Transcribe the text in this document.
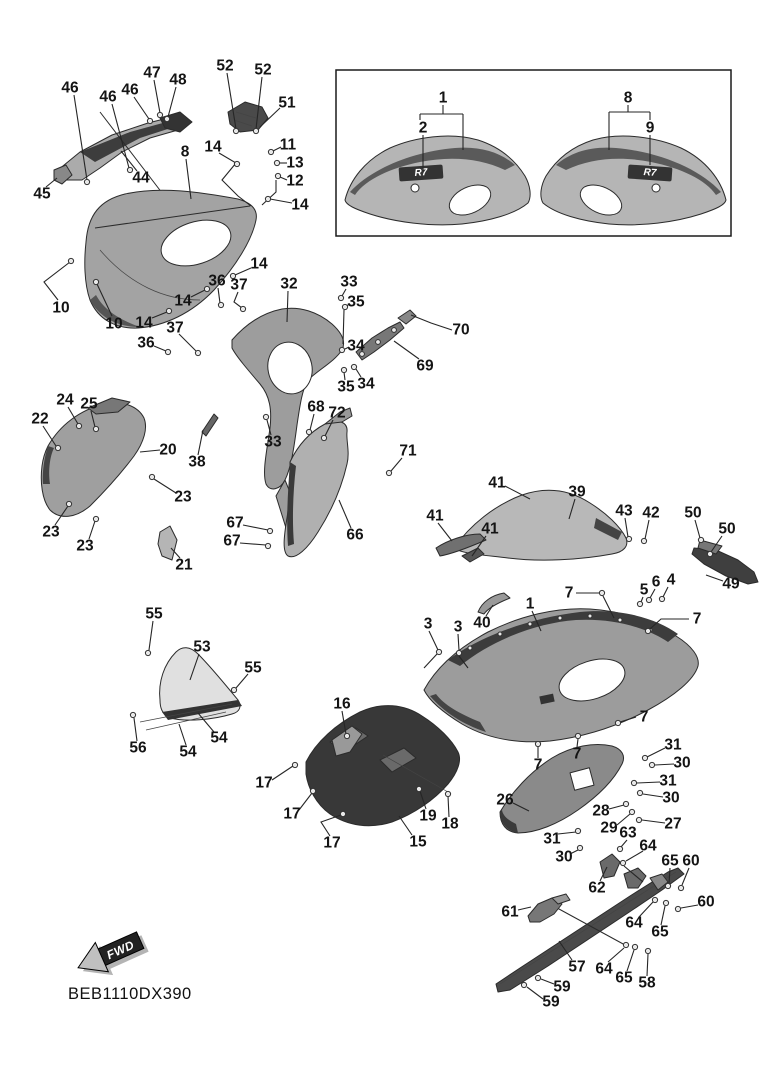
R7	R7
1
2
8
9
FWD
BEB1110DX390
46
46 46
47 48
52 52
51
45
44
8 14	11
13
12
14
10
10 14
14
14
36 37
37
36
32	33
35
34
70
69
35 34
33
68 72
71
66
67
67
24 25
22
20
38
23
23
23
21
55
53
55
56 54
54
16
17
17
17
19 18
15
41
41
41
39
43 42 50
50
49
6 4
5
7
7
1
3 3 40
7
7
7
31
30
31
30
26
28
29	27
31
30
63
64
62
65 60
60
61
64
65
57 64
65 58
59
59
